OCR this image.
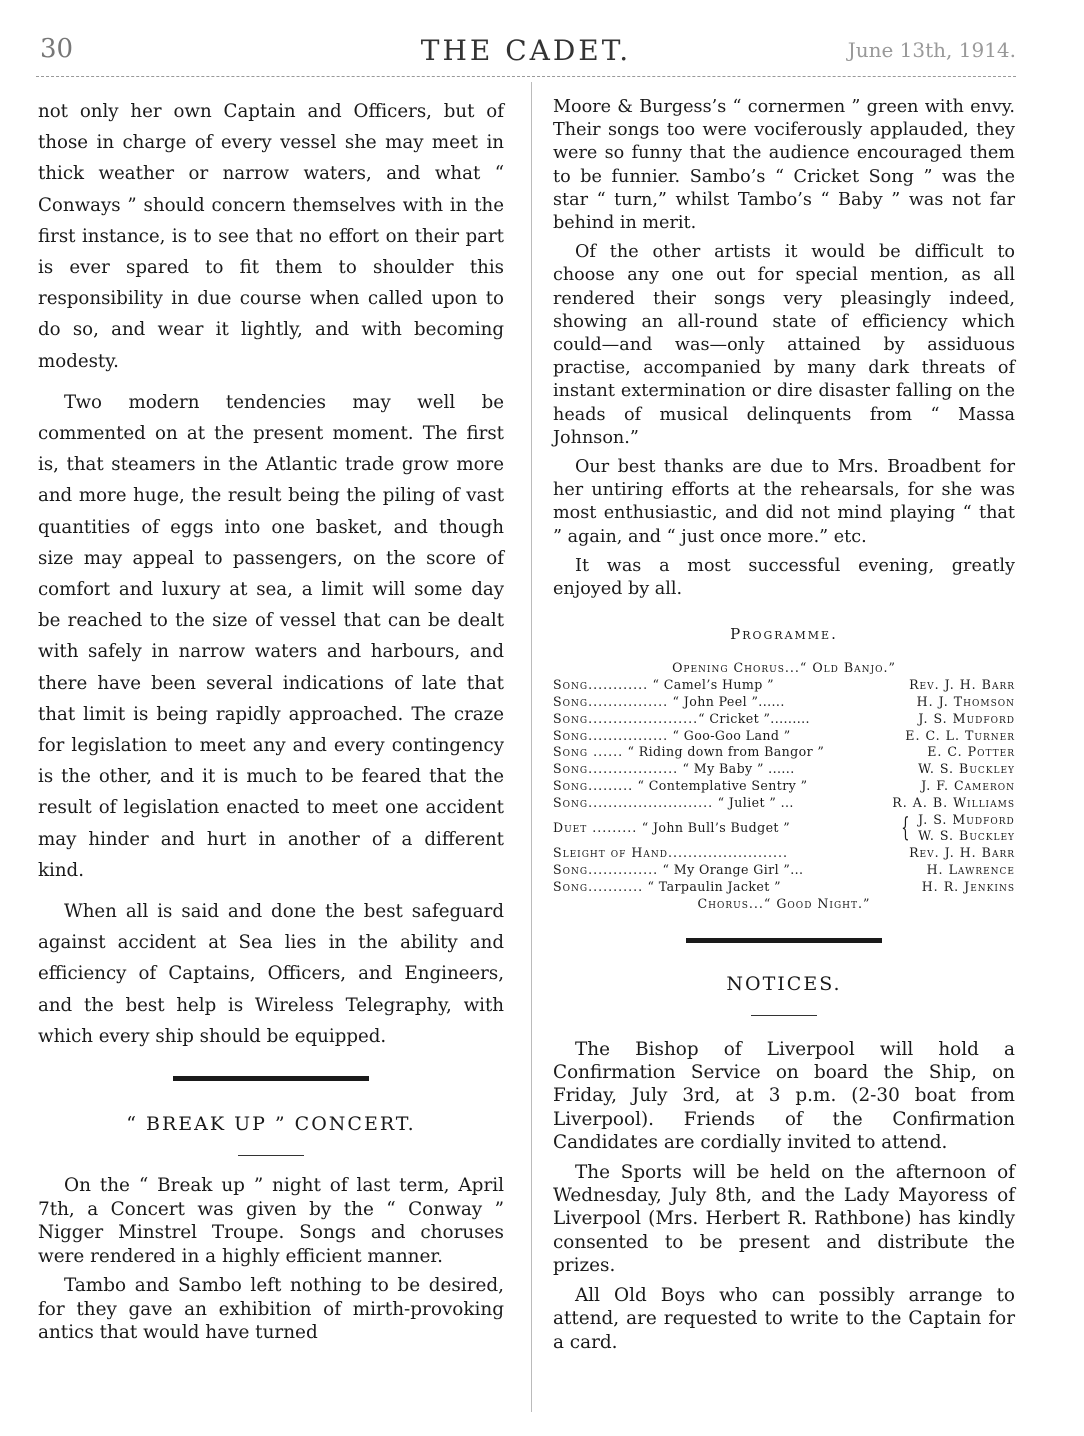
30	THE CADET.	June 13th, 1914.

not only her own Captain and Officers, but of those in charge of every vessel she may meet in thick weather or narrow waters, and what “ Conways ” should concern themselves with in the first instance, is to see that no effort on their part is ever spared to fit them to shoulder this responsibility in due course when called upon to do so, and wear it lightly, and with becoming modesty.

Two modern tendencies may well be commented on at the present moment. The first is, that steamers in the Atlantic trade grow more and more huge, the result being the piling of vast quantities of eggs into one basket, and though size may appeal to passengers, on the score of comfort and luxury at sea, a limit will some day be reached to the size of vessel that can be dealt with safely in narrow waters and harbours, and there have been several indications of late that that limit is being rapidly approached. The craze for legislation to meet any and every contingency is the other, and it is much to be feared that the result of legislation enacted to meet one accident may hinder and hurt in another of a different kind.

When all is said and done the best safeguard against accident at Sea lies in the ability and efficiency of Captains, Officers, and Engineers, and the best help is Wireless Telegraphy, with which every ship should be equipped.

“ BREAK UP ” CONCERT.

On the “ Break up ” night of last term, April 7th, a Concert was given by the “ Conway ” Nigger Minstrel Troupe. Songs and choruses were rendered in a highly efficient manner.

Tambo and Sambo left nothing to be desired, for they gave an exhibition of mirth-provoking antics that would have turned

Moore & Burgess’s “ cornermen ” green with envy. Their songs too were vociferously applauded, they were so funny that the audience encouraged them to be funnier. Sambo’s “ Cricket Song ” was the star “ turn,” whilst Tambo’s “ Baby ” was not far behind in merit.

Of the other artists it would be difficult to choose any one out for special mention, as all rendered their songs very pleasingly indeed, showing an all-round state of efficiency which could—and was—only attained by assiduous practise, accompanied by many dark threats of instant extermination or dire disaster falling on the heads of musical delinquents from “ Massa Johnson.”

Our best thanks are due to Mrs. Broadbent for her untiring efforts at the rehearsals, for she was most enthusiastic, and did not mind playing “ that ” again, and “ just once more.” etc.

It was a most successful evening, greatly enjoyed by all.

Programme.
Opening Chorus...“ Old Banjo.”
Song............ “ Camel’s Hump ”	Rev. J. H. Barr
Song................ “ John Peel ”......	H. J. Thomson
Song......................“ Cricket ”.........	J. S. Mudford
Song................ “ Goo-Goo Land ”	E. C. L. Turner
Song ...... “ Riding down from Bangor ”	E. C. Potter
Song.................. “ My Baby ” ......	W. S. Buckley
Song......... “ Contemplative Sentry ”	J. F. Cameron
Song......................... “ Juliet ” ...	R. A. B. Williams
Duet ......... “ John Bull’s Budget ”	{ J. S. Mudford
W. S. Buckley
Sleight of Hand........................	Rev. J. H. Barr
Song.............. “ My Orange Girl ”...	H. Lawrence
Song........... “ Tarpaulin Jacket ”	H. R. Jenkins
Chorus...“ Good Night.”
NOTICES.

The Bishop of Liverpool will hold a Confirmation Service on board the Ship, on Friday, July 3rd, at 3 p.m. (2-30 boat from Liverpool). Friends of the Confirmation Candidates are cordially invited to attend.

The Sports will be held on the afternoon of Wednesday, July 8th, and the Lady Mayoress of Liverpool (Mrs. Herbert R. Rathbone) has kindly consented to be present and distribute the prizes.

All Old Boys who can possibly arrange to attend, are requested to write to the Captain for a card.
